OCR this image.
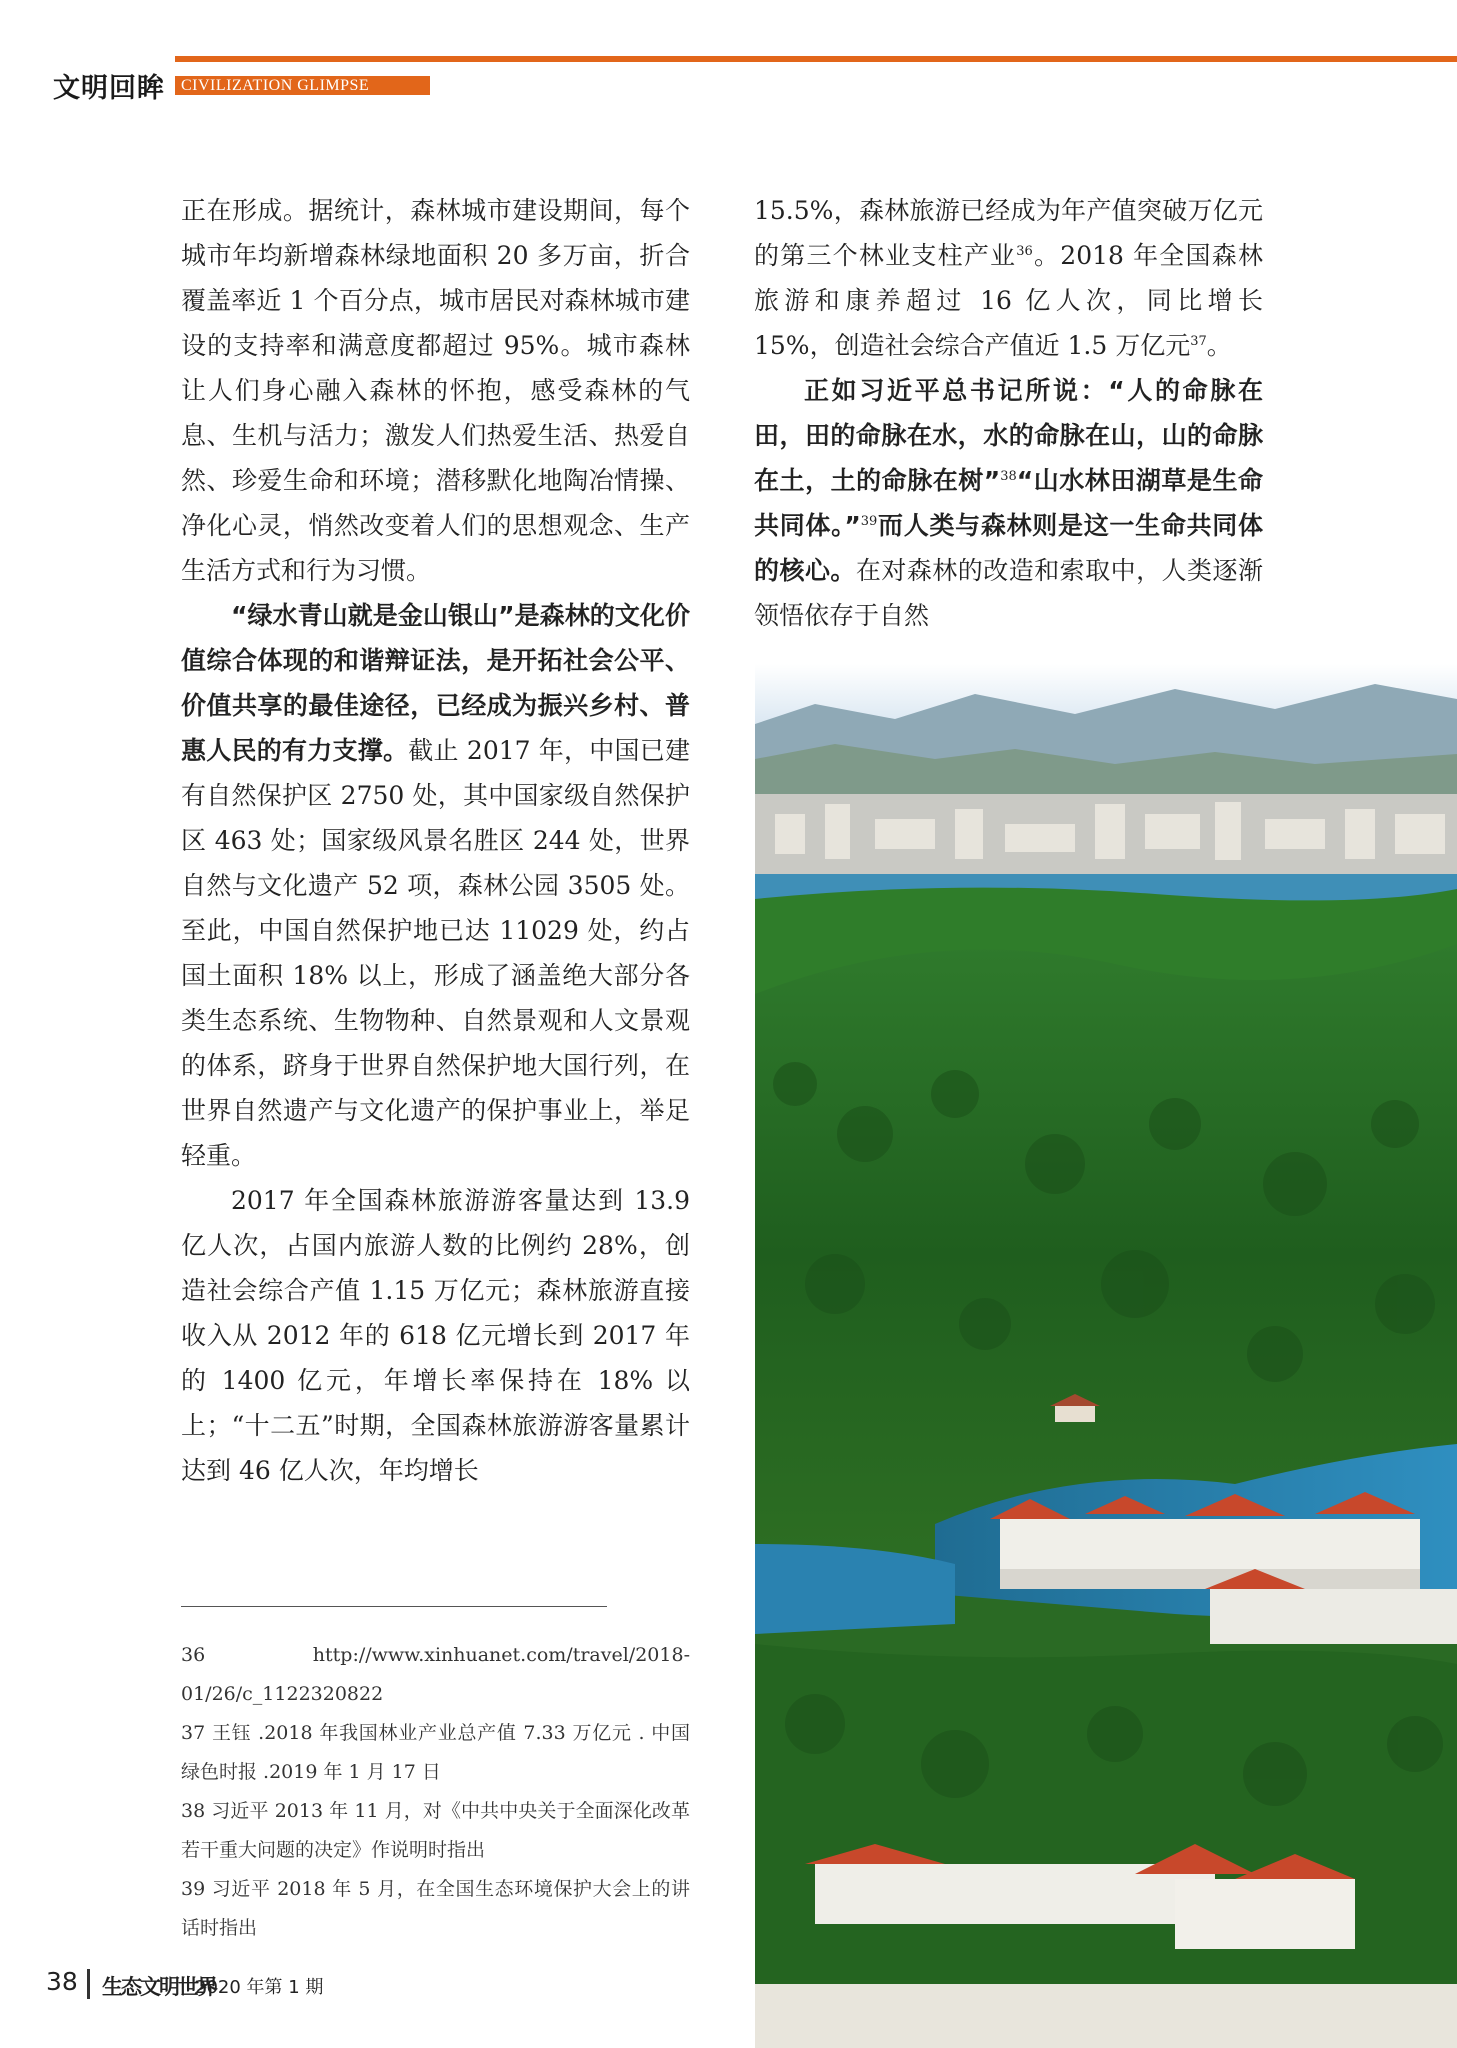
文明回眸	CIVILIZATION GLIMPSE

正在形成。据统计，森林城市建设期间，每个城市年均新增森林绿地面积 20 多万亩，折合覆盖率近 1 个百分点，城市居民对森林城市建设的支持率和满意度都超过 95%。城市森林让人们身心融入森林的怀抱，感受森林的气息、生机与活力；激发人们热爱生活、热爱自然、珍爱生命和环境；潜移默化地陶冶情操、净化心灵，悄然改变着人们的思想观念、生产生活方式和行为习惯。

“绿水青山就是金山银山”是森林的文化价值综合体现的和谐辩证法，是开拓社会公平、价值共享的最佳途径，已经成为振兴乡村、普惠人民的有力支撑。截止 2017 年，中国已建有自然保护区 2750 处，其中国家级自然保护区 463 处；国家级风景名胜区 244 处，世界自然与文化遗产 52 项，森林公园 3505 处。至此，中国自然保护地已达 11029 处，约占国土面积 18% 以上，形成了涵盖绝大部分各类生态系统、生物物种、自然景观和人文景观的体系，跻身于世界自然保护地大国行列，在世界自然遗产与文化遗产的保护事业上，举足轻重。

2017 年全国森林旅游游客量达到 13.9 亿人次，占国内旅游人数的比例约 28%，创造社会综合产值 1.15 万亿元；森林旅游直接收入从 2012 年的 618 亿元增长到 2017 年的 1400 亿元，年增长率保持在 18% 以上；“十二五”时期，全国森林旅游游客量累计达到 46 亿人次，年均增长

15.5%，森林旅游已经成为年产值突破万亿元的第三个林业支柱产业$^{36}$。2018 年全国森林旅游和康养超过 16 亿人次，同比增长 15%，创造社会综合产值近 1.5 万亿元$^{37}$。

正如习近平总书记所说：“人的命脉在田，田的命脉在水，水的命脉在山，山的命脉在土，土的命脉在树”$^{38}$“山水林田湖草是生命共同体。”$^{39}$而人类与森林则是这一生命共同体的核心。在对森林的改造和索取中，人类逐渐领悟依存于自然

36 http://www.xinhuanet.com/travel/2018-01/26/c_1122320822

37 王钰 .2018 年我国林业产业总产值 7.33 万亿元 . 中国绿色时报 .2019 年 1 月 17 日

38 习近平 2013 年 11 月，对《中共中央关于全面深化改革若干重大问题的决定》作说明时指出

39 习近平 2018 年 5 月，在全国生态环境保护大会上的讲话时指出

38 生态文明世界
2020 年第 1 期
